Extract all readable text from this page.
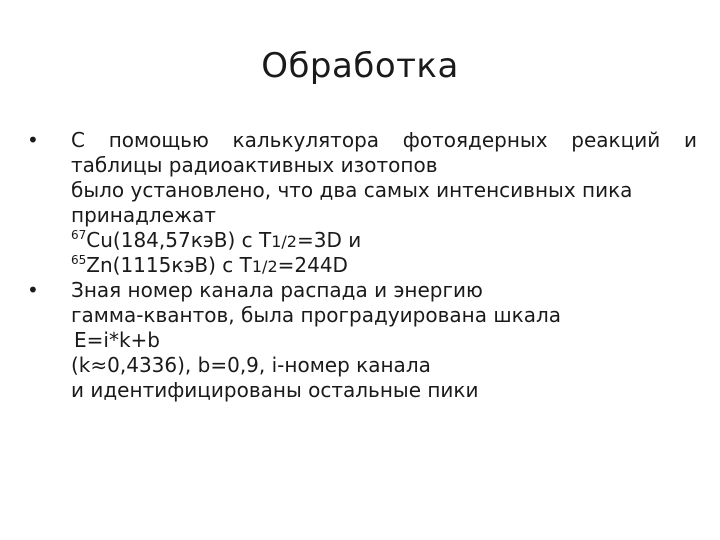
Обработка
•	С помощью калькулятора фотоядерных реакций и
таблицы радиоактивных изотопов
было установлено, что два самых интенсивных пика
принадлежат
$^{67}$Cu(184,57кэВ) с T1/2=3D и
$^{65}$Zn(1115кэВ) с T1/2=244D
•	Зная номер канала распада и энергию
гамма-квантов, была проградуирована шкала
E=i*k+b
(k≈0,4336), b=0,9, i-номер канала
и идентифицированы остальные пики
